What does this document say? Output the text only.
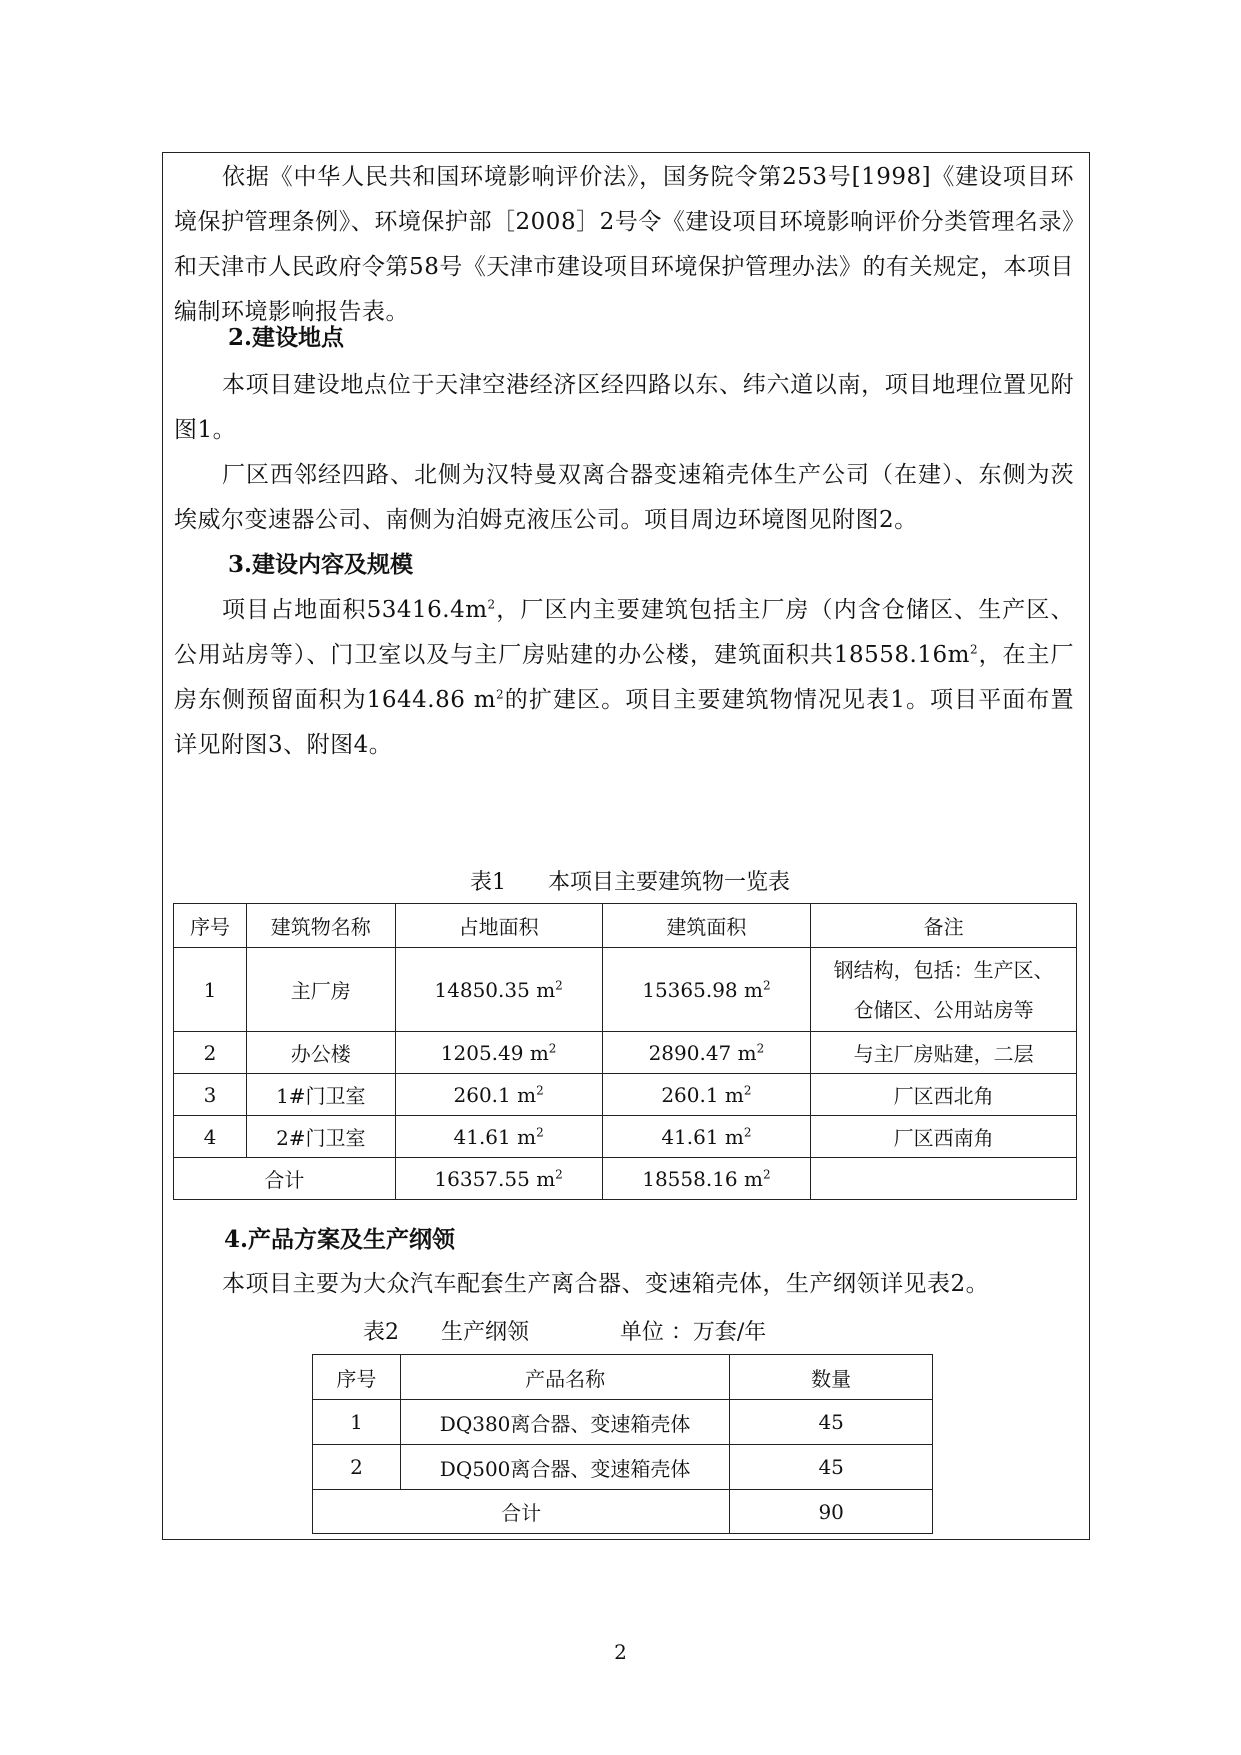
依据《中华人民共和国环境影响评价法》，国务院令第253号[1998]《建设项目环境保护管理条例》、环境保护部［2008］2号令《建设项目环境影响评价分类管理名录》和天津市人民政府令第58号《天津市建设项目环境保护管理办法》的有关规定，本项目编制环境影响报告表。

2.建设地点

本项目建设地点位于天津空港经济区经四路以东、纬六道以南，项目地理位置见附图1。

厂区西邻经四路、北侧为汉特曼双离合器变速箱壳体生产公司（在建）、东侧为茨埃威尔变速器公司、南侧为泊姆克液压公司。项目周边环境图见附图2。

3.建设内容及规模

项目占地面积$53416.4m^2$，厂区内主要建筑包括主厂房（内含仓储区、生产区、公用站房等）、门卫室以及与主厂房贴建的办公楼，建筑面积共$18558.16m^2$，在主厂房东侧预留面积为1644.86 $m^2$的扩建区。项目主要建筑物情况见表1。项目平面布置详见附图3、附图4。

表1 本项目主要建筑物一览表
序号	建筑物名称	占地面积	建筑面积	备注
1	主厂房	14850.35 $m^2$	15365.98 $m^2$	钢结构，包括：生产区、
仓储区、公用站房等
2	办公楼	1205.49 $m^2$	2890.47 $m^2$	与主厂房贴建，二层
3	1#门卫室	260.1 $m^2$	260.1 $m^2$	厂区西北角
4	2#门卫室	41.61 $m^2$	41.61 $m^2$	厂区西南角
合计		16357.55 $m^2$	18558.16 $m^2$	
4.产品方案及生产纲领

本项目主要为大众汽车配套生产离合器、变速箱壳体，生产纲领详见表2。

表2 生产纲领	单位 ：万套/年
序号	产品名称	数量
1	DQ380离合器、变速箱壳体	45
2	DQ500离合器、变速箱壳体	45
合计		90
2
